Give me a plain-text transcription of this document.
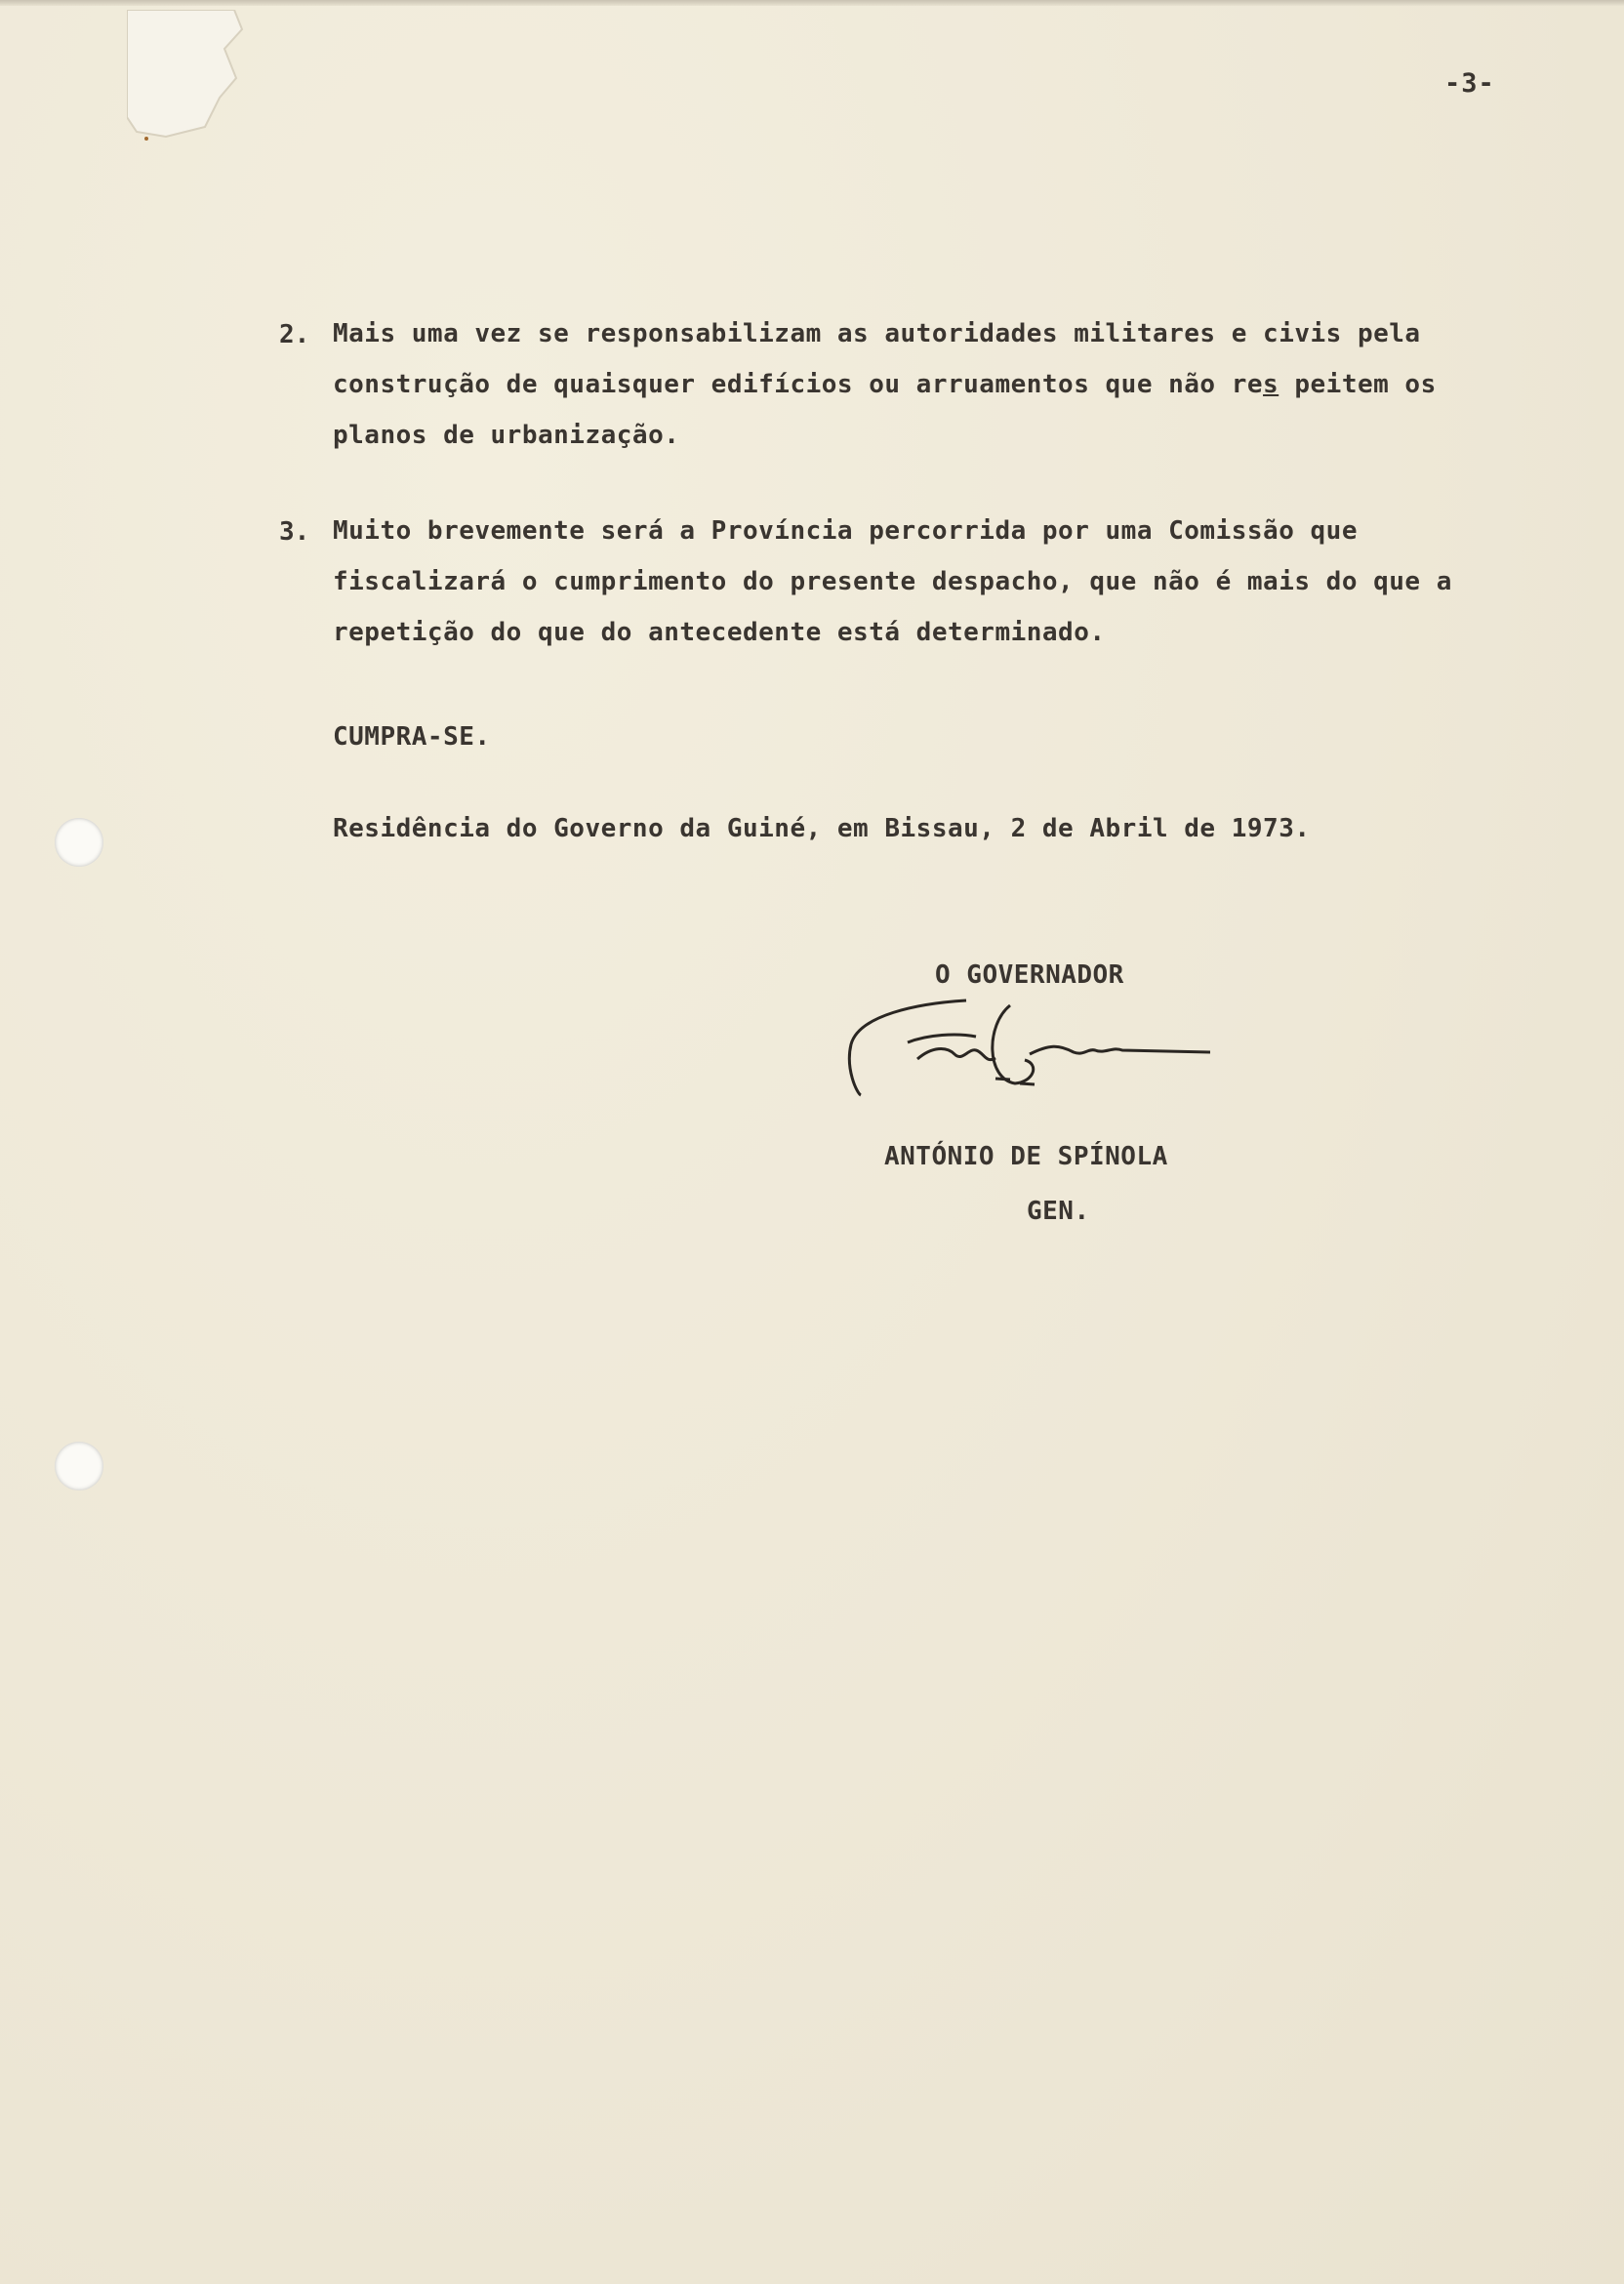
-3-
2. Mais uma vez se responsabilizam as autoridades militares e civis pela construção de quaisquer edifícios ou arruamentos que não res peitem os planos de urbanização.
3. Muito brevemente será a Província percorrida por uma Comissão que fiscalizará o cumprimento do presente despacho, que não é mais do que a repetição do que do antecedente está determinado.
CUMPRA-SE.
Residência do Governo da Guiné, em Bissau, 2 de Abril de 1973.
O GOVERNADOR
ANTÓNIO DE SPÍNOLA
GEN.
